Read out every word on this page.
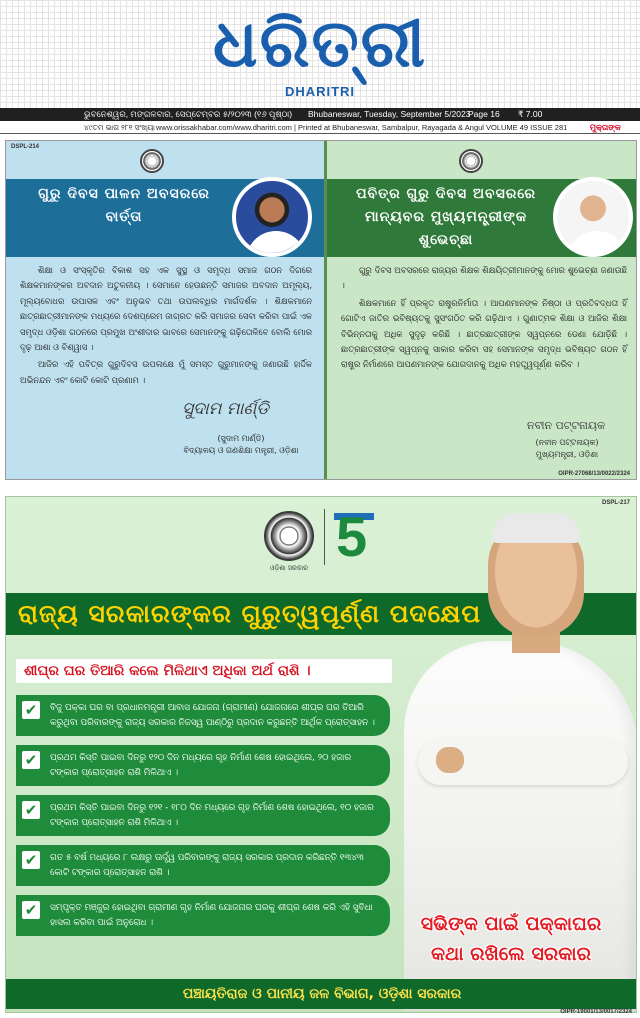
ଧରିତ୍ରୀ
DHARITRI
ଭୁବନେଶ୍ୱର, ମଙ୍ଗଳବାର, ସେପ୍ଟେମ୍ବର ୫/୨୦୨୩ (୧୬ ପୃଷ୍ଠା) Bhubaneswar, Tuesday, September 5/2023
Page 16 ₹ 7.00
୪୯ତମ ଭାଗ ୨୮୧ ସଂଖ୍ୟା www.orissakhabar.com/www.dharitri.com | Printed at Bhubaneswar, Sambalpur, Rayagada & Angul VOLUME 49 ISSUE 281	ମୁକ୍ତାଙ୍କ
ଗୁରୁ ଦିବସ ପାଳନ ଅବସରରେ ବାର୍ତ୍ତା

ଶିକ୍ଷା ଓ ସଂସ୍କୃତିର ବିକାଶ ସହ ଏକ ସୁସ୍ଥ ଓ ସମୃଦ୍ଧ ସମାଜ ଗଠନ ଦିଗରେ ଶିକ୍ଷକମାନଙ୍କର ଅବଦାନ ଅତୁଳନୀୟ । ସେମାନେ ହେଉଛନ୍ତି ସମାଜର ଅବଦାନ ଅମୂଲ୍ୟ, ମୂଲ୍ୟବୋଧର ଉପାସକ ଏବଂ ଅନୁଭବ ତଥା ଉପଲବ୍ଧିର ମାର୍ଗଦର୍ଶକ । ଶିକ୍ଷକମାନେ ଛାତ୍ରଛାତ୍ରୀମାନଙ୍କ ମଧ୍ୟରେ ଦେଶପ୍ରେମ ଜାଗ୍ରତ କରି ସମାଜର ସେବା କରିବା ପାଇଁ ଏକ ସମୃଦ୍ଧ ଓଡ଼ିଶା ଗଠନରେ ପ୍ରମୁଖ ଅଂଶୀଦାର ଭାବରେ ସେମାନଙ୍କୁ ଗଢ଼ିତୋଳିବେ ବୋଲି ମୋର ଦୃଢ଼ ଆଶା ଓ ବିଶ୍ୱାସ ।

ଆଜିର ଏହି ପବିତ୍ର ଗୁରୁଦିବସ ଉପଲକ୍ଷେ ମୁଁ ସମସ୍ତ ଗୁରୁମାନଙ୍କୁ ଜଣାଉଛି ହାର୍ଦ୍ଦିକ ଅଭିନନ୍ଦନ ଏବଂ କୋଟି କୋଟି ପ୍ରଣାମ ।

ସୁଦାମ ମାର୍ଣ୍ଡି
(ସୁଦାମ ମାର୍ଣ୍ଡି)
ବିଦ୍ୟାଳୟ ଓ ଗଣଶିକ୍ଷା ମନ୍ତ୍ରୀ, ଓଡ଼ିଶା
ପବିତ୍ର ଗୁରୁ ଦିବସ ଅବସରରେ ମାନ୍ୟବର ମୁଖ୍ୟମନ୍ତ୍ରୀଙ୍କ ଶୁଭେଚ୍ଛା

ଗୁରୁ ଦିବସ ଅବସରରେ ରାଜ୍ୟର ଶିକ୍ଷକ ଶିକ୍ଷୟିତ୍ରୀମାନଙ୍କୁ ମୋର ଶୁଭେଚ୍ଛା ଜଣାଉଛି ।

ଶିକ୍ଷକମାନେ ହିଁ ପ୍ରକୃତ ରାଷ୍ଟ୍ରନିର୍ମାତା । ଆପଣମାନଙ୍କ ନିଷ୍ଠା ଓ ପ୍ରତିବଦ୍ଧତା ହିଁ ଗୋଟିଏ ଜାତିର ଭବିଷ୍ୟତକୁ ସୁସଂଗଠିତ କରି ଗଢ଼ିଥାଏ । ଗୁଣାତ୍ମକ ଶିକ୍ଷା ଓ ଆଜିର ଶିକ୍ଷା ବିଭିନ୍ନତାକୁ ଅଧିକ ସୁଦୃଢ଼ କରିଛି । ଛାତ୍ରଛାତ୍ରୀଙ୍କ ସ୍ୱପ୍ନରେ ଡେଣା ଯୋଡ଼ିଛି । ଛାତ୍ରଛାତ୍ରୀଙ୍କ ସ୍ୱପ୍ନକୁ ସାକାର କରିବା ସହ ସେମାନଙ୍କ ସମୃଦ୍ଧ ଭବିଷ୍ୟତ ଗଠନ ହିଁ ରାଷ୍ଟ୍ର ନିର୍ମାଣରେ ଆପଣମାନଙ୍କ ଯୋଗଦାନକୁ ଅଧିକ ମହତ୍ତ୍ୱପୂର୍ଣ୍ଣ କରିବ ।

ନବୀନ ପଟ୍ଟନାୟକ
(ନବୀନ ପଟ୍ଟନାୟକ)
ମୁଖ୍ୟମନ୍ତ୍ରୀ, ଓଡ଼ିଶା
DSPL-214
OIPR-27068/13/0022/2324
DSPL-217
ଓଡ଼ିଶା ସରକାର 5
ରାଜ୍ୟ ସରକାରଙ୍କର ଗୁରୁତ୍ୱପୂର୍ଣ୍ଣ ପଦକ୍ଷେପ
ଶୀଘ୍ର ଘର ତିଆରି କଲେ ମିଳିଥାଏ ଅଧିକା ଅର୍ଥ ରାଶି ।
✔	ବିଜୁ ପକ୍କା ଘର ବା ପ୍ରଧାନମନ୍ତ୍ରୀ ଆବାସ ଯୋଜନା (ଗ୍ରାମୀଣ) ଯୋଜନାରେ ଶୀଘ୍ର ଘର ତିଆରି କରୁଥିବା ପରିବାରଙ୍କୁ ରାଜ୍ୟ ସରକାର ନିଜସ୍ୱ ପାଣ୍ଠିରୁ ପ୍ରଦାନ କରୁଛନ୍ତି ଆର୍ଥିକ ପ୍ରୋତ୍ସାହନ ।
✔	ପ୍ରଥମ କିସ୍ତି ପାଇବା ଦିନରୁ ୧୨୦ ଦିନ ମଧ୍ୟରେ ଗୃହ ନିର୍ମାଣ ଶେଷ ହୋଇଥିଲେ, ୨୦ ହଜାର ଟଙ୍କାର ପ୍ରୋତ୍ସାହନ ରାଶି ମିଳିଥାଏ ।
✔	ପ୍ରଥମ କିସ୍ତି ପାଇବା ଦିନରୁ ୧୨୧ - ୧୮୦ ଦିନ ମଧ୍ୟରେ ଗୃହ ନିର୍ମାଣ ଶେଷ ହୋଇଥିଲେ, ୧୦ ହଜାର ଟଙ୍କାର ପ୍ରୋତ୍ସାହନ ରାଶି ମିଳିଥାଏ ।
✔	ଗତ ୫ ବର୍ଷ ମଧ୍ୟରେ ୮ ଲକ୍ଷରୁ ଊର୍ଦ୍ଧ୍ୱ ପରିବାରଙ୍କୁ ରାଜ୍ୟ ସରକାର ପ୍ରଦାନ କରିଛନ୍ତି ୧୩୪୩ କୋଟି ଟଙ୍କାର ପ୍ରୋତ୍ସାହନ ରାଶି ।
✔	ସମ୍ପୃକ୍ତ ମଞ୍ଜୁର ହୋଇଥିବା ଗ୍ରାମୀଣ ଗୃହ ନିର୍ମାଣ ଯୋଜନାର ଘରକୁ ଶୀଘ୍ର ଶେଷ କରି ଏହି ସୁବିଧା ହାସଲ କରିବା ପାଇଁ ଅନୁରୋଧ ।	ସଭିଙ୍କ ପାଇଁ ପକ୍କାଘର
କଥା ରଖିଲେ ସରକାର
ପଞ୍ଚାୟତିରାଜ ଓ ପାନୀୟ ଜଳ ବିଭାଗ, ଓଡ଼ିଶା ସରକାର
OIPR-19001/13/0017/2324
